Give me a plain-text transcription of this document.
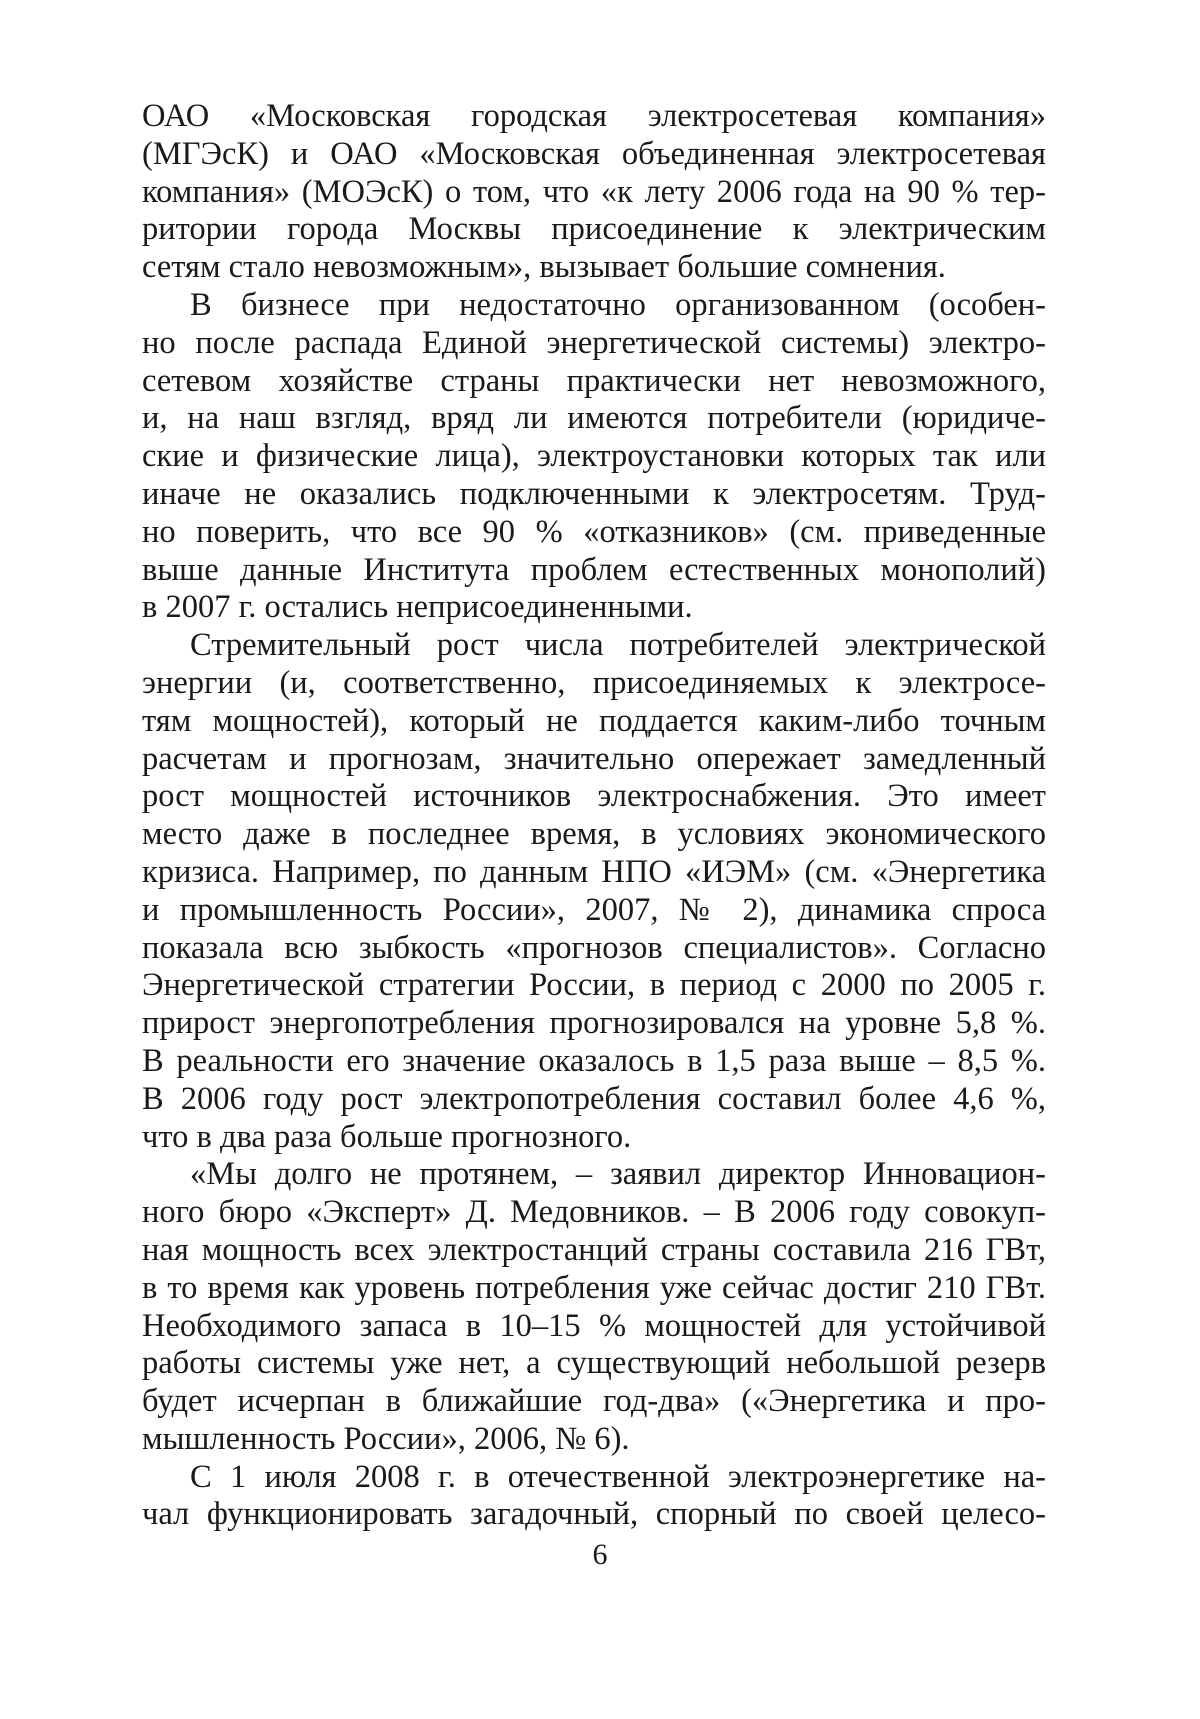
ОАО «Московская городская электросетевая компания»
(МГЭсК) и ОАО «Московская объединенная электросетевая
компания» (МОЭсК) о том, что «к лету 2006 года на 90 % тер-
ритории города Москвы присоединение к электрическим
сетям стало невозможным», вызывает большие сомнения.

В бизнесе при недостаточно организованном (особен-
но после распада Единой энергетической системы) электро-
сетевом хозяйстве страны практически нет невозможного,
и, на наш взгляд, вряд ли имеются потребители (юридиче-
ские и физические лица), электроустановки которых так или
иначе не оказались подключенными к электросетям. Труд-
но поверить, что все 90 % «отказников» (см. приведенные
выше данные Института проблем естественных монополий)
в 2007 г. остались неприсоединенными.

Стремительный рост числа потребителей электрической
энергии (и, соответственно, присоединяемых к электросе-
тям мощностей), который не поддается каким-либо точным
расчетам и прогнозам, значительно опережает замедленный
рост мощностей источников электроснабжения. Это имеет
место даже в последнее время, в условиях экономического
кризиса. Например, по данным НПО «ИЭМ» (см. «Энергетика
и промышленность России», 2007, № 2), динамика спроса
показала всю зыбкость «прогнозов специалистов». Согласно
Энергетической стратегии России, в период с 2000 по 2005 г.
прирост энергопотребления прогнозировался на уровне 5,8 %.
В реальности его значение оказалось в 1,5 раза выше – 8,5 %.
В 2006 году рост электропотребления составил более 4,6 %,
что в два раза больше прогнозного.

«Мы долго не протянем, – заявил директор Инновацион-
ного бюро «Эксперт» Д. Медовников. – В 2006 году совокуп-
ная мощность всех электростанций страны составила 216 ГВт,
в то время как уровень потребления уже сейчас достиг 210 ГВт.
Необходимого запаса в 10–15 % мощностей для устойчивой
работы системы уже нет, а существующий небольшой резерв
будет исчерпан в ближайшие год-два» («Энергетика и про-
мышленность России», 2006, № 6).

С 1 июля 2008 г. в отечественной электроэнергетике на-
чал функционировать загадочный, спорный по своей целесо-

6
